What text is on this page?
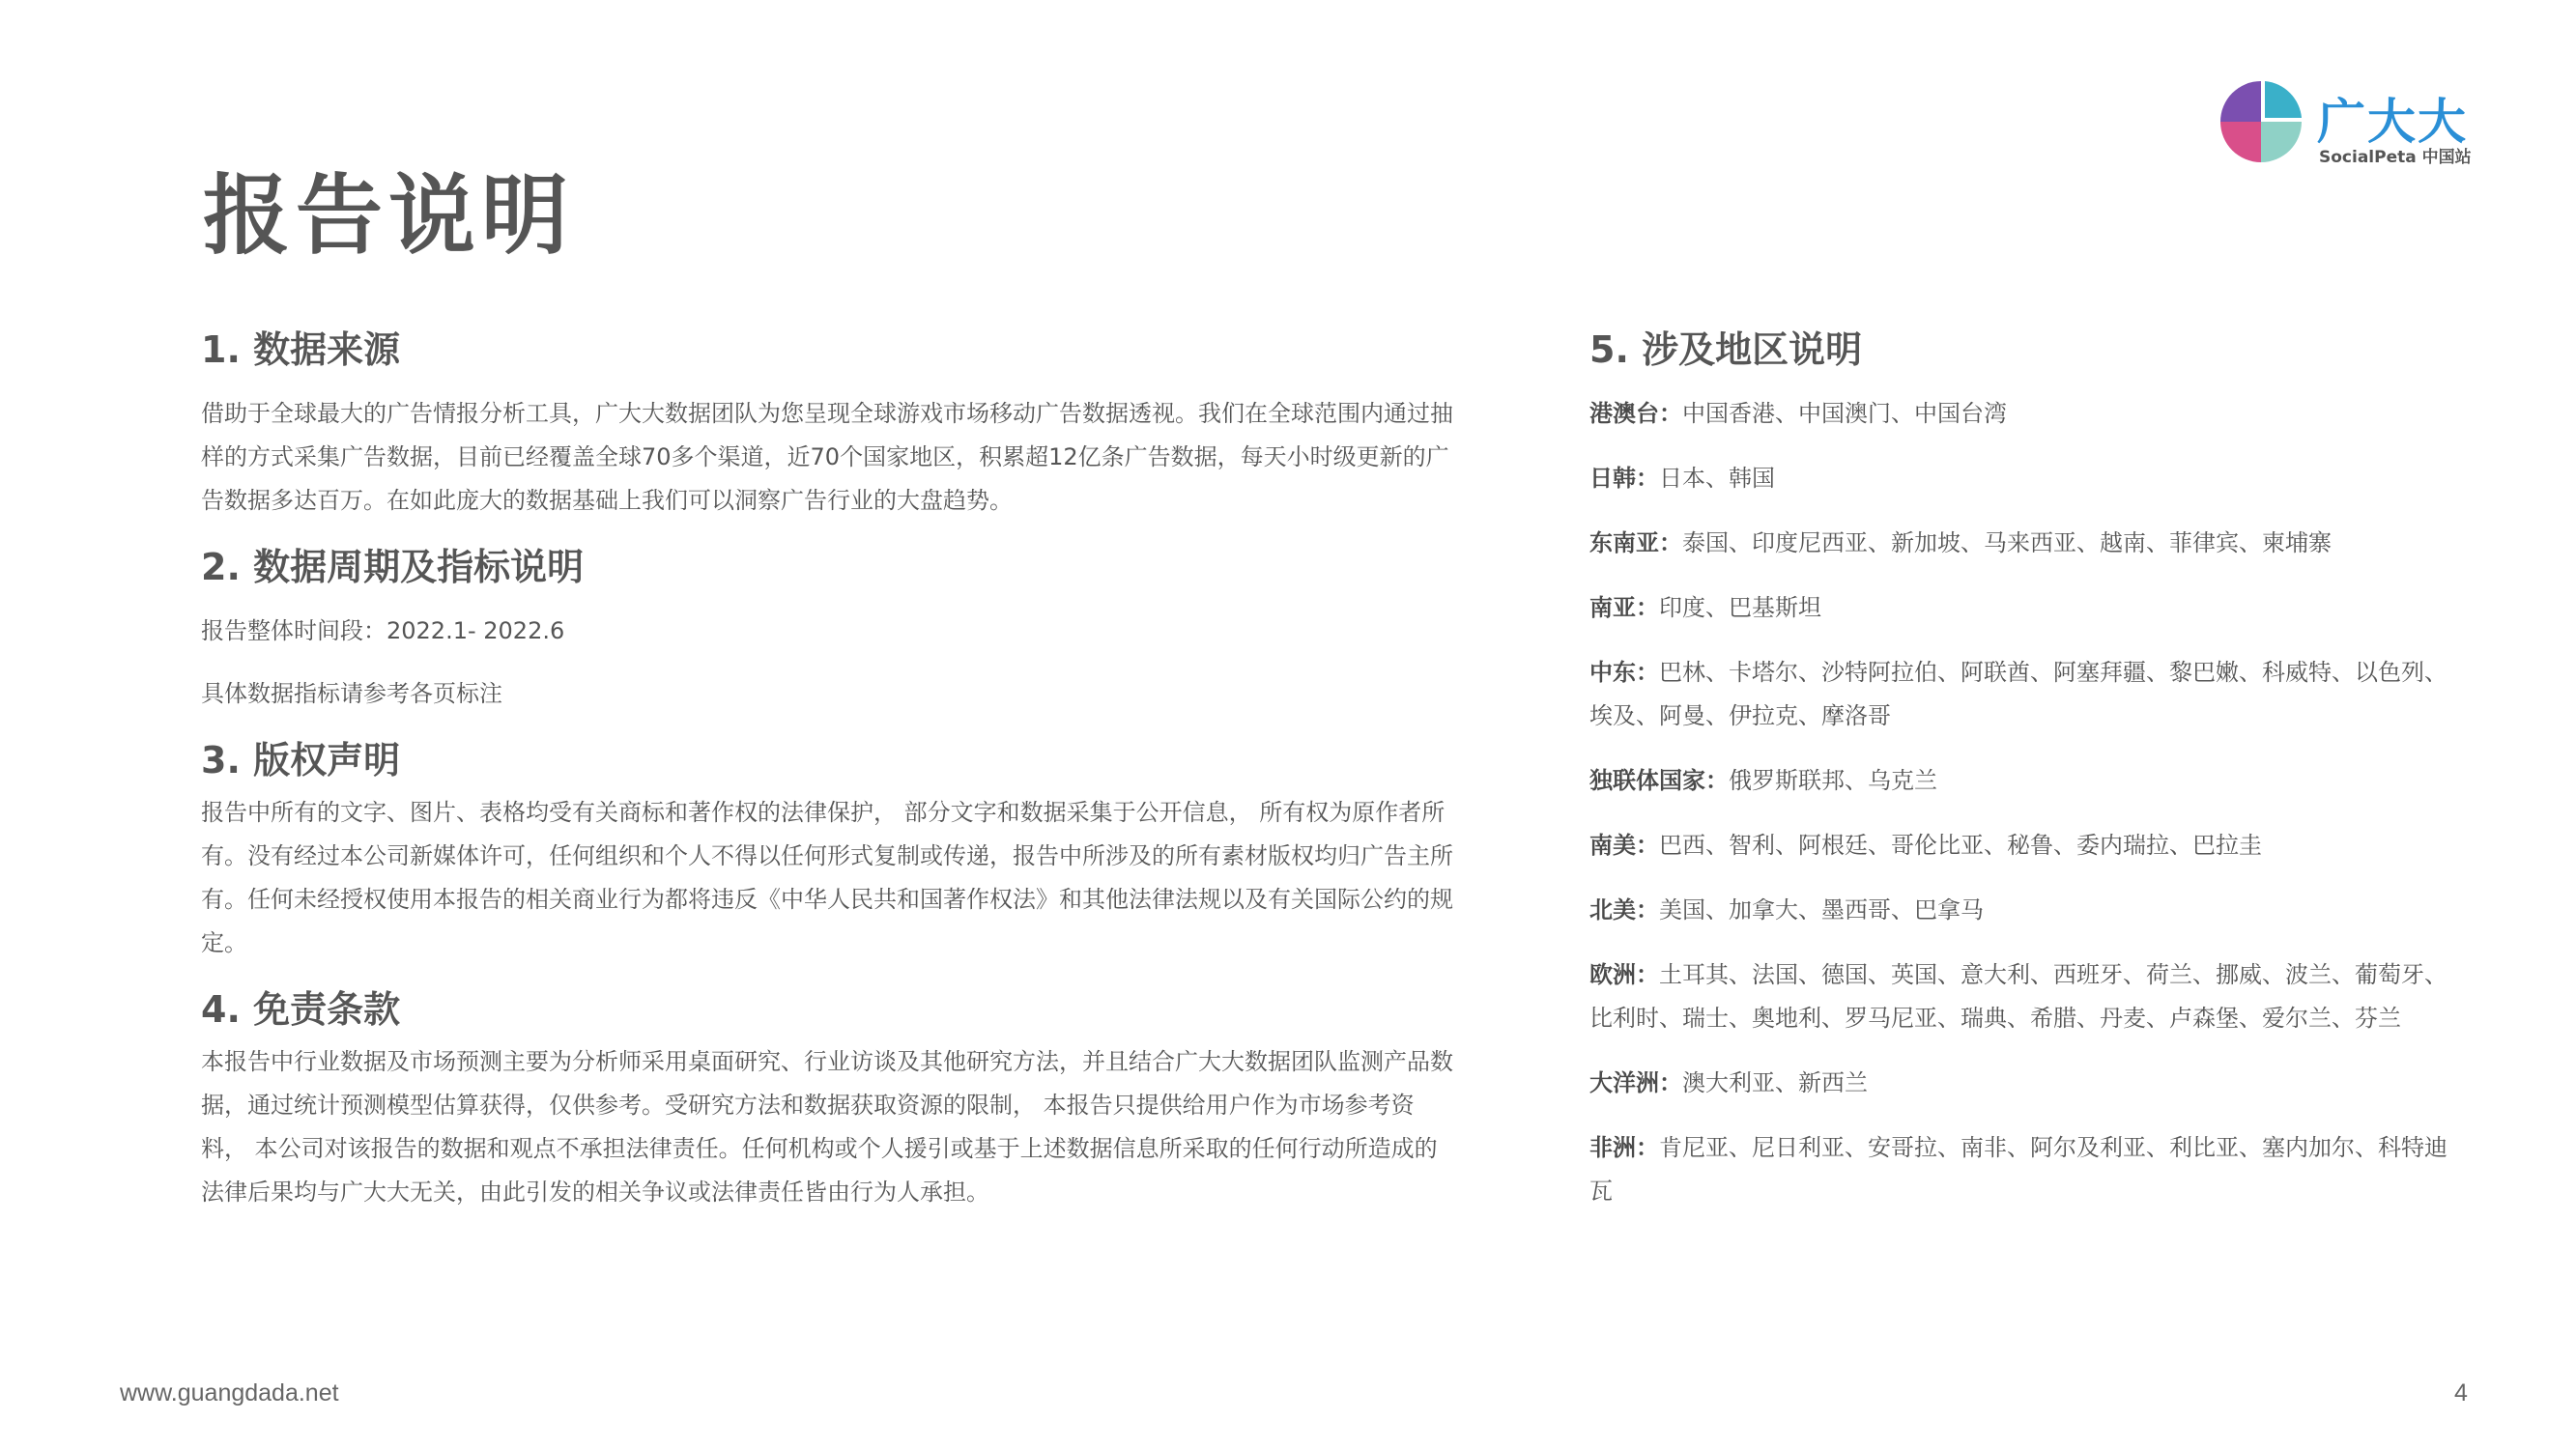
报告说明
广大大
SocialPeta 中国站
1. 数据来源
借助于全球最大的广告情报分析工具，广大大数据团队为您呈现全球游戏市场移动广告数据透视。我们在全球范围内通过抽样的方式采集广告数据，目前已经覆盖全球70多个渠道，近70个国家地区，积累超12亿条广告数据，每天小时级更新的广告数据多达百万。在如此庞大的数据基础上我们可以洞察广告行业的大盘趋势。
2. 数据周期及指标说明
报告整体时间段：2022.1- 2022.6
具体数据指标请参考各页标注
3. 版权声明
报告中所有的文字、图片、表格均受有关商标和著作权的法律保护， 部分文字和数据采集于公开信息， 所有权为原作者所有。没有经过本公司新媒体许可，任何组织和个人不得以任何形式复制或传递，报告中所涉及的所有素材版权均归广告主所有。任何未经授权使用本报告的相关商业行为都将违反《中华人民共和国著作权法》和其他法律法规以及有关国际公约的规定。
4. 免责条款
本报告中行业数据及市场预测主要为分析师采用桌面研究、行业访谈及其他研究方法，并且结合广大大数据团队监测产品数据，通过统计预测模型估算获得，仅供参考。受研究方法和数据获取资源的限制， 本报告只提供给用户作为市场参考资料， 本公司对该报告的数据和观点不承担法律责任。任何机构或个人援引或基于上述数据信息所采取的任何行动所造成的法律后果均与广大大无关，由此引发的相关争议或法律责任皆由行为人承担。
5. 涉及地区说明
港澳台：中国香港、中国澳门、中国台湾
日韩：日本、韩国
东南亚：泰国、印度尼西亚、新加坡、马来西亚、越南、菲律宾、柬埔寨
南亚：印度、巴基斯坦
中东：巴林、卡塔尔、沙特阿拉伯、阿联酋、阿塞拜疆、黎巴嫩、科威特、以色列、埃及、阿曼、伊拉克、摩洛哥
独联体国家：俄罗斯联邦、乌克兰
南美：巴西、智利、阿根廷、哥伦比亚、秘鲁、委内瑞拉、巴拉圭
北美：美国、加拿大、墨西哥、巴拿马
欧洲：土耳其、法国、德国、英国、意大利、西班牙、荷兰、挪威、波兰、葡萄牙、比利时、瑞士、奥地利、罗马尼亚、瑞典、希腊、丹麦、卢森堡、爱尔兰、芬兰
大洋洲：澳大利亚、新西兰
非洲：肯尼亚、尼日利亚、安哥拉、南非、阿尔及利亚、利比亚、塞内加尔、科特迪瓦
www.guangdada.net	4
